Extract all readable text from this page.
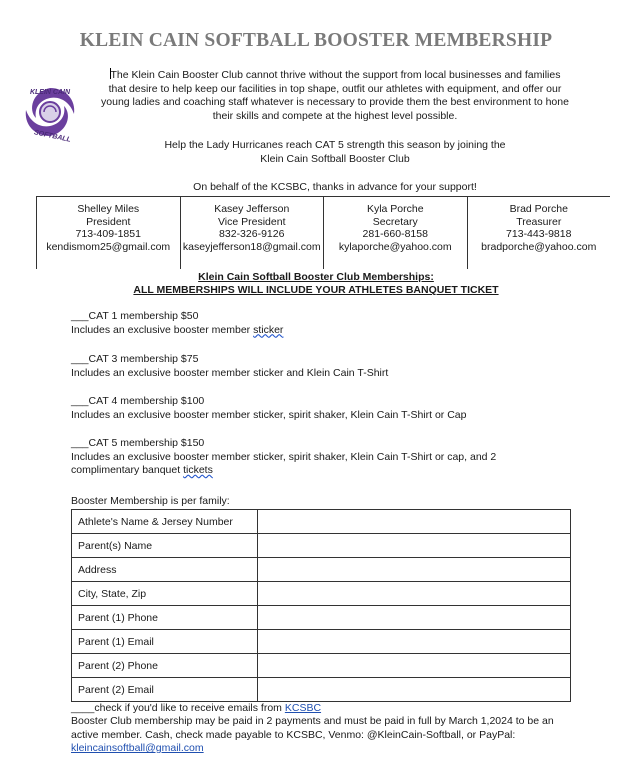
KLEIN CAIN SOFTBALL BOOSTER MEMBERSHIP
KLEIN CAIN
SOFTBALL
The Klein Cain Booster Club cannot thrive without the support from local businesses and families that desire to help keep our facilities in top shape, outfit our athletes with equipment, and offer our young ladies and coaching staff whatever is necessary to provide them the best environment to hone their skills and compete at the highest level possible.
Help the Lady Hurricanes reach CAT 5 strength this season by joining the
Klein Cain Softball Booster Club
On behalf of the KCSBC, thanks in advance for your support!
Shelley Miles
President
713-409-1851
kendismom25@gmail.com
Kasey Jefferson
Vice President
832-326-9126
kaseyjefferson18@gmail.com
Kyla Porche
Secretary
281-660-8158
kylaporche@yahoo.com
Brad Porche
Treasurer
713-443-9818
bradporche@yahoo.com
Klein Cain Softball Booster Club Memberships:
ALL MEMBERSHIPS WILL INCLUDE YOUR ATHLETES BANQUET TICKET
___CAT 1 membership $50
Includes an exclusive booster member sticker
___CAT 3 membership $75
Includes an exclusive booster member sticker and Klein Cain T-Shirt
___CAT 4 membership $100
Includes an exclusive booster member sticker, spirit shaker, Klein Cain T-Shirt or Cap
___CAT 5 membership $150
Includes an exclusive booster member sticker, spirit shaker, Klein Cain T-Shirt or cap, and 2 complimentary banquet tickets
Booster Membership is per family:
Athlete's Name & Jersey Number	
Parent(s) Name	
Address	
City, State, Zip	
Parent (1) Phone	
Parent (1) Email	
Parent (2) Phone	
Parent (2) Email	
____check if you'd like to receive emails from KCSBC
Booster Club membership may be paid in 2 payments and must be paid in full by March 1,2024 to be an active member. Cash, check made payable to KCSBC, Venmo: @KleinCain-Softball, or PayPal: kleincainsoftball@gmail.com
